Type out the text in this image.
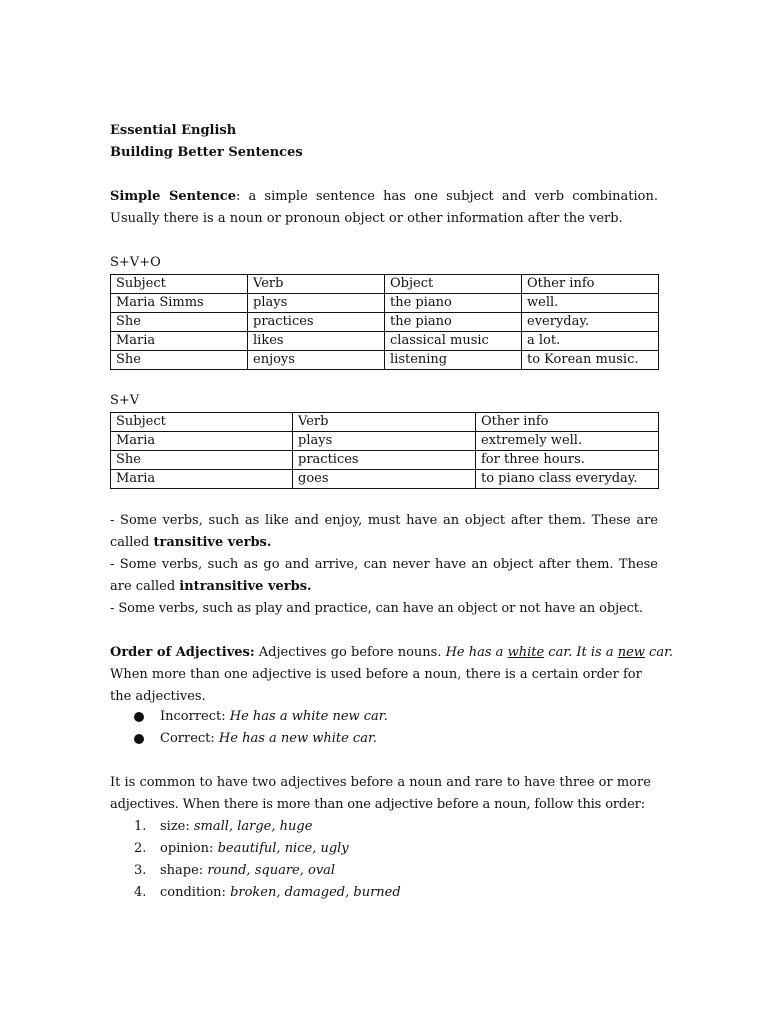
Essential English
Building Better Sentences
Simple Sentence: a simple sentence has one subject and verb combination.
Usually there is a noun or pronoun object or other information after the verb.
S+V+O
Subject	Verb	Object	Other info
Maria Simms	plays	the piano	well.
She	practices	the piano	everyday.
Maria	likes	classical music	a lot.
She	enjoys	listening	to Korean music.
S+V
Subject	Verb	Other info
Maria	plays	extremely well.
She	practices	for three hours.
Maria	goes	to piano class everyday.
- Some verbs, such as like and enjoy, must have an object after them. These are
called transitive verbs.
- Some verbs, such as go and arrive, can never have an object after them. These
are called intransitive verbs.
- Some verbs, such as play and practice, can have an object or not have an object.
Order of Adjectives: Adjectives go before nouns. He has a white car. It is a new car.
When more than one adjective is used before a noun, there is a certain order for
the adjectives.
Incorrect: He has a white new car.
Correct: He has a new white car.
It is common to have two adjectives before a noun and rare to have three or more
adjectives. When there is more than one adjective before a noun, follow this order:
1. size: small, large, huge
2. opinion: beautiful, nice, ugly
3. shape: round, square, oval
4. condition: broken, damaged, burned
